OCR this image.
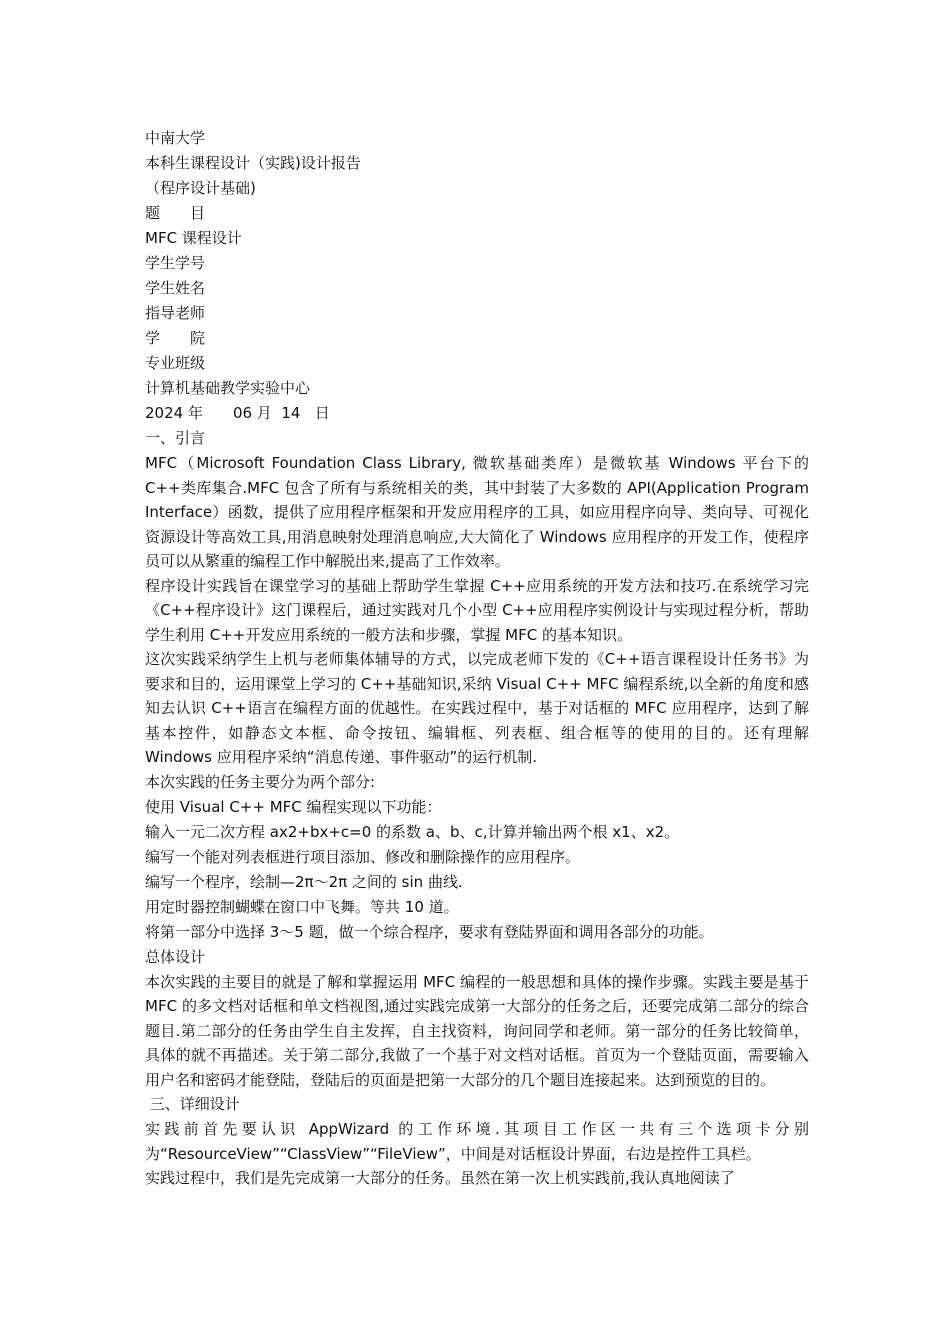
中南大学

本科生课程设计（实践)设计报告

（程序设计基础)

题　　目

MFC 课程设计

学生学号

学生姓名

指导老师

学　　院

专业班级

计算机基础教学实验中心

2024 年　　06 月  14   日

一、引言

MFC（Microsoft Foundation Class Library, 微软基础类库）是微软基 Windows 平台下的 C++类库集合.MFC 包含了所有与系统相关的类，其中封装了大多数的 API(Application Program Interface）函数，提供了应用程序框架和开发应用程序的工具，如应用程序向导、类向导、可视化资源设计等高效工具,用消息映射处理消息响应,大大简化了 Windows 应用程序的开发工作，使程序员可以从繁重的编程工作中解脱出来,提高了工作效率。

程序设计实践旨在课堂学习的基础上帮助学生掌握 C++应用系统的开发方法和技巧.在系统学习完《C++程序设计》这门课程后，通过实践对几个小型 C++应用程序实例设计与实现过程分析，帮助学生利用 C++开发应用系统的一般方法和步骤，掌握 MFC 的基本知识。

这次实践采纳学生上机与老师集体辅导的方式，以完成老师下发的《C++语言课程设计任务书》为要求和目的，运用课堂上学习的 C++基础知识,采纳 Visual C++ MFC 编程系统,以全新的角度和感知去认识 C++语言在编程方面的优越性。在实践过程中，基于对话框的 MFC 应用程序，达到了解基本控件，如静态文本框、命令按钮、编辑框、列表框、组合框等的使用的目的。还有理解 Windows 应用程序采纳“消息传递、事件驱动”的运行机制.

本次实践的任务主要分为两个部分:

使用 Visual C++ MFC 编程实现以下功能：

输入一元二次方程 ax2+bx+c=0 的系数 a、b、c,计算并输出两个根 x1、x2。

编写一个能对列表框进行项目添加、修改和删除操作的应用程序。

编写一个程序，绘制—2π～2π 之间的 sin 曲线.

用定时器控制蝴蝶在窗口中飞舞。等共 10 道。

将第一部分中选择 3～5 题，做一个综合程序，要求有登陆界面和调用各部分的功能。

总体设计

本次实践的主要目的就是了解和掌握运用 MFC 编程的一般思想和具体的操作步骤。实践主要是基于 MFC 的多文档对话框和单文档视图,通过实践完成第一大部分的任务之后，还要完成第二部分的综合题目.第二部分的任务由学生自主发挥，自主找资料，询问同学和老师。第一部分的任务比较简单，具体的就不再描述。关于第二部分,我做了一个基于对文档对话框。首页为一个登陆页面，需要输入用户名和密码才能登陆，登陆后的页面是把第一大部分的几个题目连接起来。达到预览的目的。

三、详细设计

实践前首先要认识 AppWizard 的工作环境.其项目工作区一共有三个选项卡分别为“ResourceView”“ClassView”“FileView”，中间是对话框设计界面，右边是控件工具栏。

实践过程中，我们是先完成第一大部分的任务。虽然在第一次上机实践前,我认真地阅读了
